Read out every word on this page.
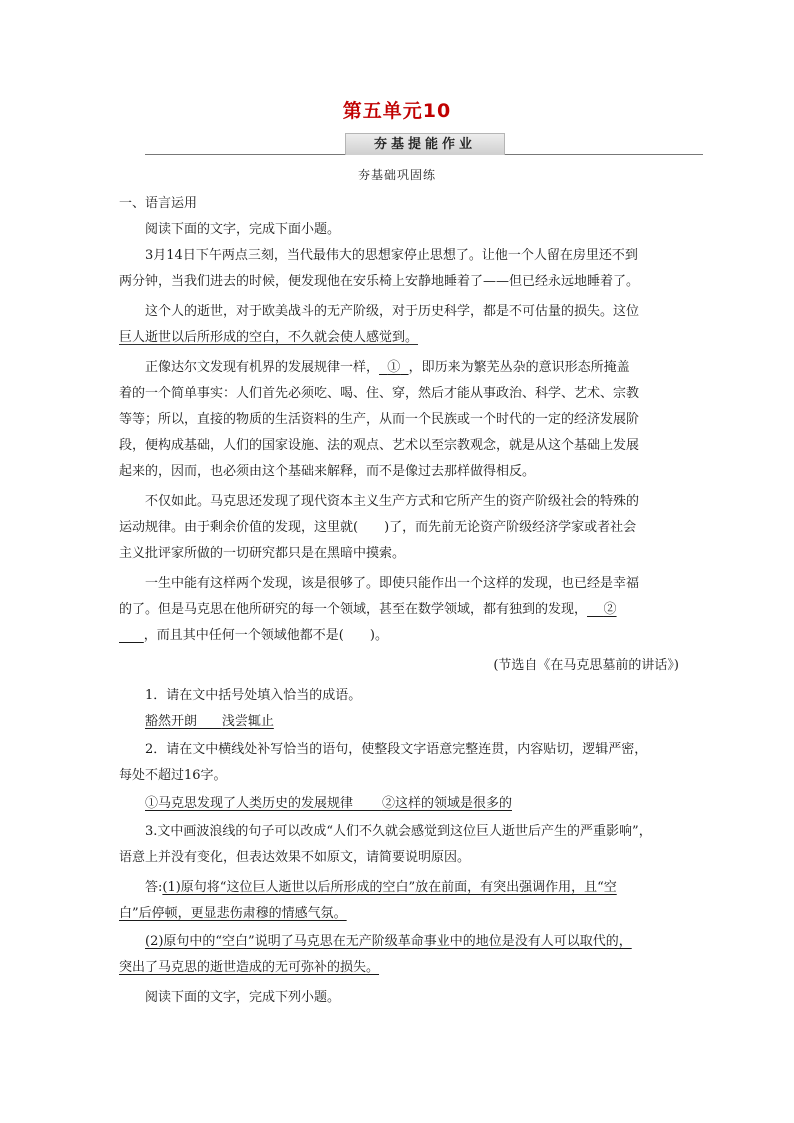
第五单元10
夯基提能作业
夯基础巩固练
一、语言运用
阅读下面的文字，完成下面小题。
3月14日下午两点三刻，当代最伟大的思想家停止思想了。让他一个人留在房里还不到
两分钟，当我们进去的时候，便发现他在安乐椅上安静地睡着了——但已经永远地睡着了。
这个人的逝世，对于欧美战斗的无产阶级，对于历史科学，都是不可估量的损失。这位
巨人逝世以后所形成的空白，不久就会使人感觉到。
正像达尔文发现有机界的发展规律一样， ① ，即历来为繁芜丛杂的意识形态所掩盖
着的一个简单事实：人们首先必须吃、喝、住、穿，然后才能从事政治、科学、艺术、宗教
等等；所以，直接的物质的生活资料的生产，从而一个民族或一个时代的一定的经济发展阶
段，便构成基础，人们的国家设施、法的观点、艺术以至宗教观念，就是从这个基础上发展
起来的，因而，也必须由这个基础来解释，而不是像过去那样做得相反。
不仅如此。马克思还发现了现代资本主义生产方式和它所产生的资产阶级社会的特殊的
运动规律。由于剩余价值的发现，这里就(　　)了，而先前无论资产阶级经济学家或者社会
主义批评家所做的一切研究都只是在黑暗中摸索。
一生中能有这样两个发现，该是很够了。即使只能作出一个这样的发现，也已经是幸福
的了。但是马克思在他所研究的每一个领域，甚至在数学领域，都有独到的发现， ②
，而且其中任何一个领域他都不是(　　)。
(节选自《在马克思墓前的讲话》)
1．请在文中括号处填入恰当的成语。
豁然开朗 浅尝辄止
2．请在文中横线处补写恰当的语句，使整段文字语意完整连贯，内容贴切，逻辑严密，
每处不超过16字。
①马克思发现了人类历史的发展规律 ②这样的领域是很多的
3.文中画波浪线的句子可以改成“人们不久就会感觉到这位巨人逝世后产生的严重影响”，
语意上并没有变化，但表达效果不如原文，请简要说明原因。
答:(1)原句将“这位巨人逝世以后所形成的空白”放在前面，有突出强调作用，且“空
白”后停顿，更显悲伤肃穆的情感气氛。
(2)原句中的“空白”说明了马克思在无产阶级革命事业中的地位是没有人可以取代的，
突出了马克思的逝世造成的无可弥补的损失。
阅读下面的文字，完成下列小题。
